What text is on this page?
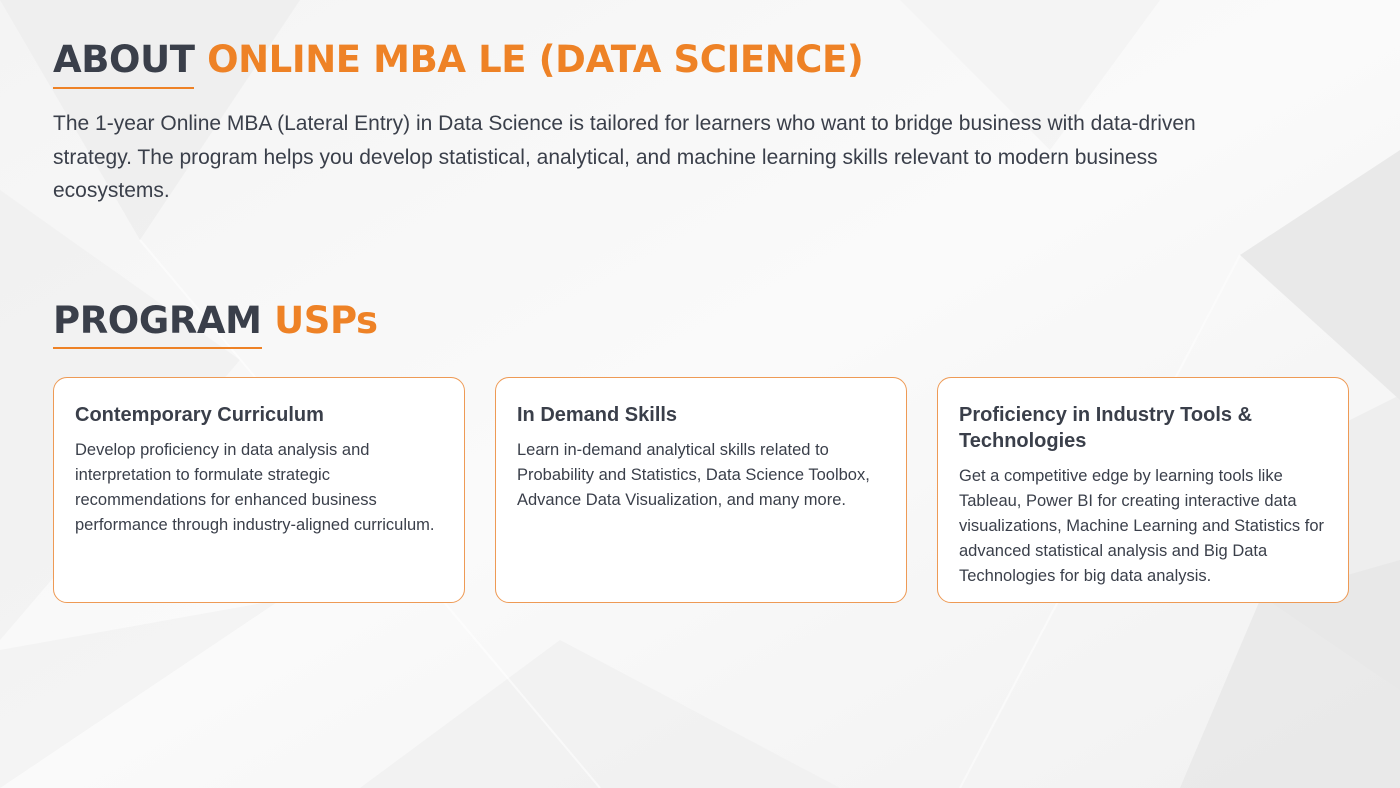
ABOUT ONLINE MBA LE (DATA SCIENCE)

The 1-year Online MBA (Lateral Entry) in Data Science is tailored for learners who want to bridge business with data-driven strategy. The program helps you develop statistical, analytical, and machine learning skills relevant to modern business ecosystems.

PROGRAM USPs
Contemporary Curriculum

Develop proficiency in data analysis and interpretation to formulate strategic recommendations for enhanced business performance through industry-aligned curriculum.

In Demand Skills

Learn in-demand analytical skills related to Probability and Statistics, Data Science Toolbox, Advance Data Visualization, and many more.

Proficiency in Industry Tools & Technologies

Get a competitive edge by learning tools like Tableau, Power BI for creating interactive data visualizations, Machine Learning and Statistics for advanced statistical analysis and Big Data Technologies for big data analysis.
